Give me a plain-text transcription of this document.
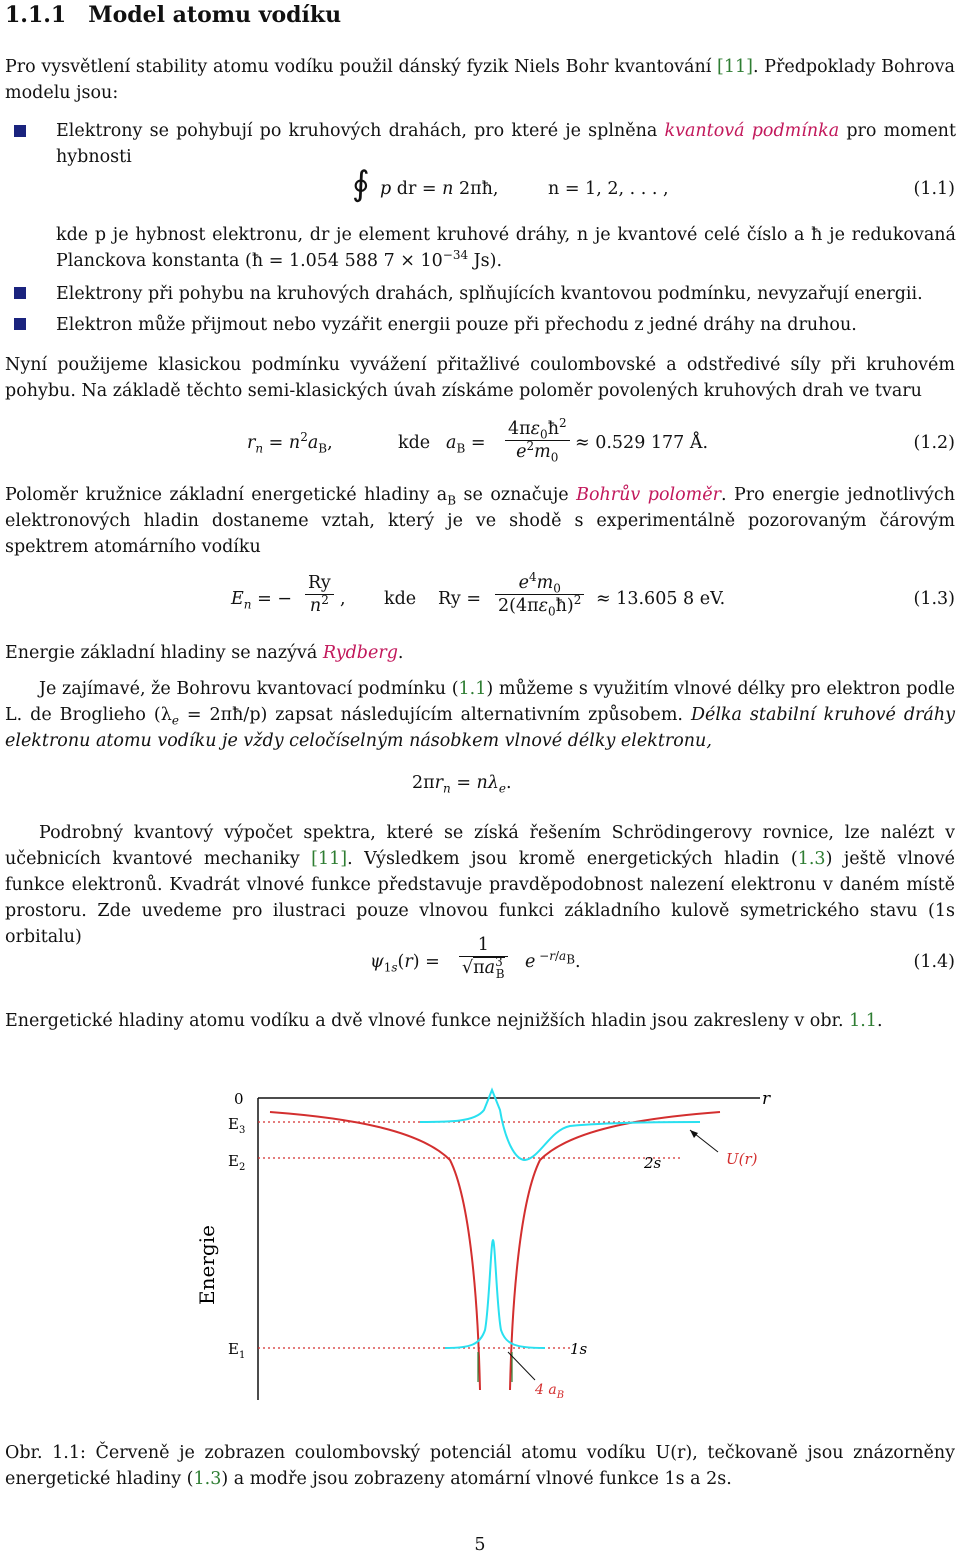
1.1.1 Model atomu vodíku
Pro vysvětlení stability atomu vodíku použil dánský fyzik Niels Bohr kvantování [11]. Předpoklady Bohrova modelu jsou:
Elektrony se pohybují po kruhových drahách, pro které je splněna kvantová podmínka pro moment hybnosti
∮ p dr = n 2πħ,	n = 1, 2, . . . ,	(1.1)
kde p je hybnost elektronu, dr je element kruhové dráhy, n je kvantové celé číslo a ħ je redukovaná Planckova konstanta (ħ = 1.054 588 $7 \times 10^{-34}$ Js).
Elektrony při pohybu na kruhových drahách, splňujících kvantovou podmínku, nevyzařují energii.
Elektron může přijmout nebo vyzářit energii pouze při přechodu z jedné dráhy na druhou.
Nyní použijeme klasickou podmínku vyvážení přitažlivé coulombovské a odstředivé síly při kruhovém pohybu. Na základě těchto semi-klasických úvah získáme poloměr povolených kruhových drah ve tvaru
$r_n = n^2a_B$,	kde $a_B = \frac{4\pi\varepsilon_0ħ^2}{e^2m_0} \approx 0.529$ 177 Å.	(1.2)
Poloměr kružnice základní energetické hladiny $a_B$ se označuje Bohrův poloměr. Pro energie jednotlivých elektronových hladin dostaneme vztah, který je ve shodě s experimentálně pozorovaným čárovým spektrem atomárního vodíku
$E_n$ = − $\frac{Ry}{n^2}$ , kde $Ry = \frac{e^4m_0}{2(4\pi\varepsilon_0ħ)^2} \approx 13.605$ 8 eV.	(1.3)
Energie základní hladiny se nazývá Rydberg.
Je zajímavé, že Bohrovu kvantovací podmínku (1.1) můžeme s využitím vlnové délky pro elektron podle L. de Broglieho ($\lambda_e$ = 2πħ/p) zapsat následujícím alternativním způsobem. Délka stabilní kruhové dráhy elektronu atomu vodíku je vždy celočíselným násobkem vlnové délky elektronu,
$2\pi r_n = n\lambda_e$.
Podrobný kvantový výpočet spektra, které se získá řešením Schrödingerovy rovnice, lze nalézt v učebnicích kvantové mechaniky [11]. Výsledkem jsou kromě energetických hladin (1.3) ještě vlnové funkce elektronů. Kvadrát vlnové funkce představuje pravděpodobnost nalezení elektronu v daném místě prostoru. Zde uvedeme pro ilustraci pouze vlnovou funkci základního kulově symetrického stavu (1s orbitalu)
$\psi_{1s}(r) = \frac{1}{√\pi a^3_B}$ e $^{-r/a_B}$.	(1.4)
Energetické hladiny atomu vodíku a dvě vlnové funkce nejnižších hladin jsou zakresleny v obr. 1.1.
0	r
$E_3$
$E_2$
$E_1$
2s
1s
U(r)
Energie
4 $a_B$
Obr. 1.1: Červeně je zobrazen coulombovský potenciál atomu vodíku U(r), tečkovaně jsou znázorněny energetické hladiny (1.3) a modře jsou zobrazeny atomární vlnové funkce 1s a 2s.
5
